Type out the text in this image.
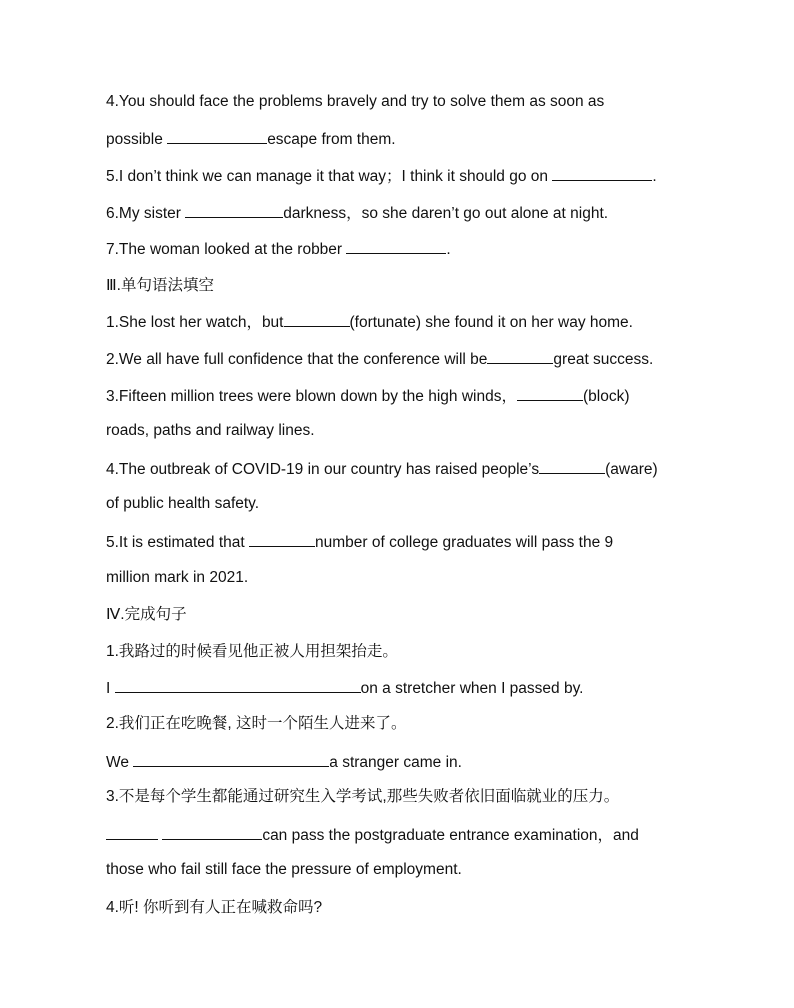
4.You should face the problems bravely and try to solve them as soon as
possible	escape from them.
5.I don’t think we can manage it that way；I think it should go on	.
6.My sister	darkness，so she daren’t go out alone at night.
7.The woman looked at the robber	.
Ⅲ.单句语法填空
1.She lost her watch，but	(fortunate) she found it on her way home.
2.We all have full confidence that the conference will be	great success.
3.Fifteen million trees were blown down by the high winds，	(block)
roads, paths and railway lines.
4.The outbreak of COVID-19 in our country has raised people’s	(aware)
of public health safety.
5.It is estimated that	number of college graduates will pass the 9
million mark in 2021.
Ⅳ.完成句子
1.我路过的时候看见他正被人用担架抬走。
I	on a stretcher when I passed by.
2.我们正在吃晚餐, 这时一个陌生人进来了。
We	a stranger came in.
3.不是每个学生都能通过研究生入学考试,那些失败者依旧面临就业的压力。
can pass the postgraduate entrance examination，and
those who fail still face the pressure of employment.
4.听! 你听到有人正在喊救命吗?
